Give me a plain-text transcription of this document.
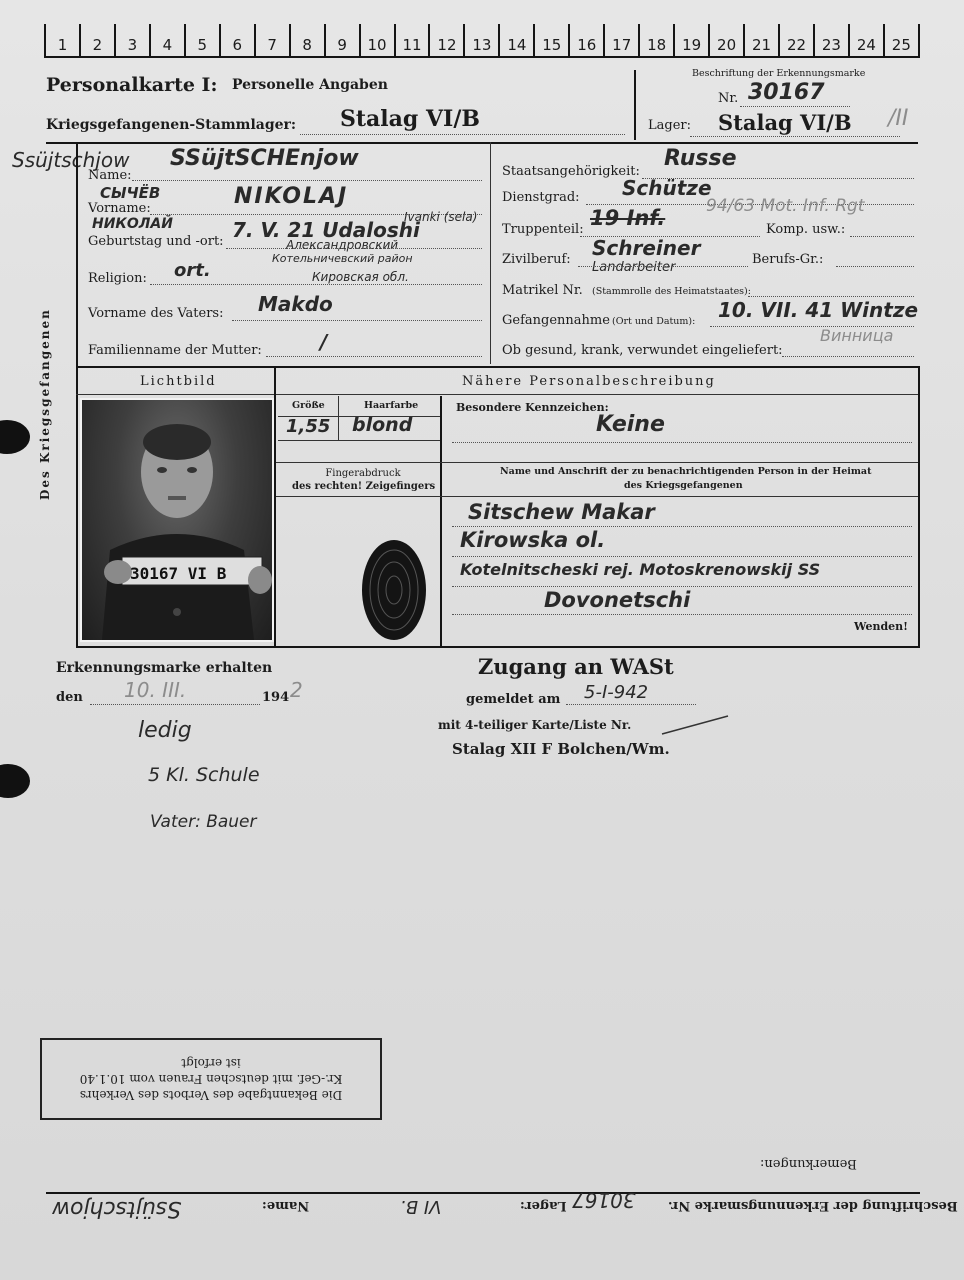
1	2	3	4	5	6	7	8	9	10	11	12	13	14	15	16	17	18	19	20	21	22	23	24	25
Personalkarte I: Personelle Angaben
Kriegsgefangenen-Stammlager: Stalag VI/B
Beschriftung der Erkennungsmarke
Nr. 30167
Lager: Stalag VI/B /II
Ssüjtschjow
Des Kriegsgefangenen
Name:
SSüjtSCHEnjow
СЫЧЁВ
Vorname:	NIKOLAJ
НИКОЛАЙ
Geburtstag und -ort: 7. V. 21 Udaloshi
Ivanki (sela)
Александровский
Котельничевский район
Religion: ort.	Кировская обл.
Vorname des Vaters: Makdo
Familienname der Mutter:	/
Staatsangehörigkeit:
Russe
Dienstgrad: Schütze
Truppenteil: 19 Inf. 94/63 Mot. Inf. Rgt
Komp. usw.:
Zivilberuf: Schreiner
Landarbeiter
Berufs-Gr.:
Matrikel Nr. (Stammrolle des Heimatstaates):
Gefangennahme (Ort und Datum): 10. VII. 41 Wintze
Винница
Ob gesund, krank, verwundet eingeliefert:
Lichtbild	Nähere Personalbeschreibung
30167 VI B
Größe	Haarfarbe
1,55 blond
Besondere Kennzeichen:
Keine
Fingerabdruck
des rechten! Zeigefingers
Name und Anschrift der zu benachrichtigenden Person in der Heimat
des Kriegsgefangenen
Sitschew Makar
Kirowska ol.
Kotelnitscheski rej. Motoskrenowskij SS
Dovonetschi
Wenden!
Erkennungsmarke erhalten
den 10. III.	194 2
Zugang an WASt
gemeldet am 5-I-942
mit 4-teiliger Karte/Liste Nr.
Stalag XII F Bolchen/Wm.
ledig
5 Kl. Schule
Vater: Bauer
Die Bekanntgabe des Verbots des Verkehrs
Kr.-Gef. mit deutschen Frauen vom 10.1.40
ist erfolgt
Bemerkungen:
Beschriftung der Erkennungsmarke Nr.
30167
Lager:
VI B.
Name:
Ssüjtschjow
